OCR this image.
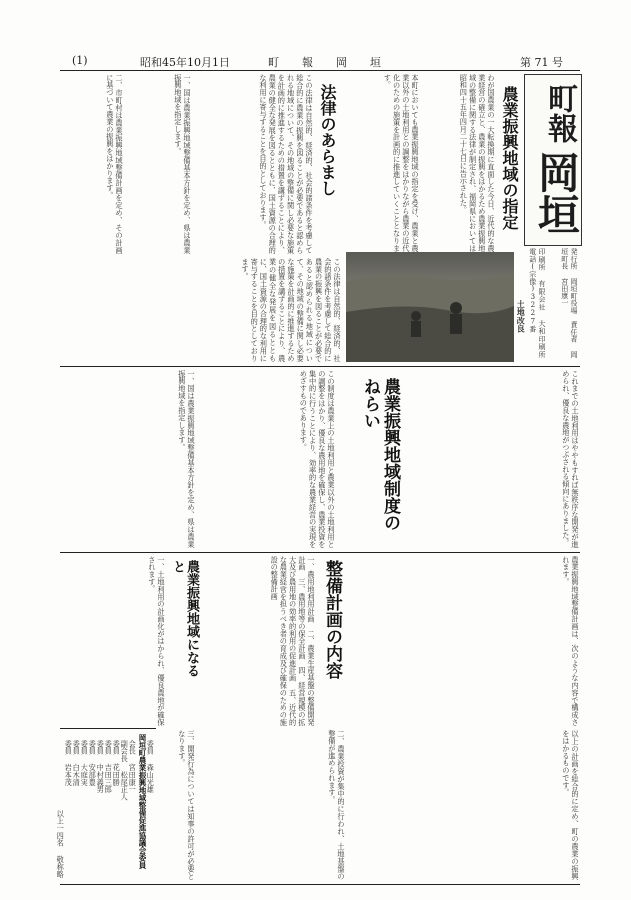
第 71 号
町　報　岡　垣
昭和45年10月1日
(1)
町報
岡垣
発行所 岡垣町役場　責任者 岡垣町長 宮田康一
印刷所 有限会社 大和印刷所　電話(宗像)3227番
農業振興地域の指定
わが国農業の一大転換期に直面した今日、近代的な農業経営の確立と、農業の振興をはかるため農業振興地域の整備に関する法律が制定され、福岡県においては昭和四十五年四月二十七日に告示された。
本町においても農業振興地域の指定を受け、農業と農業以外の土地利用との調整をはかりながら農業の近代化のための施策を計画的に推進していくこととなります。
土地改良
法律のあらまし
この法律は自然的、経済的、社会的諸条件を考慮して総合的に農業の振興を図ることが必要であると認められる地域について、その地域の整備に関し必要な施策を計画的に推進するための措置を講ずることにより、農業の健全な発展を図るとともに、国土資源の合理的な利用に寄与することを目的としております。
一、国は農業振興地域整備基本方針を定め、県は農業振興地域を指定します。
二、市町村は農業振興地域整備計画を定め、その計画に基づいて農業の振興をはかります。
この法律は自然的、経済的、社会的諸条件を考慮して総合的に農業の振興を図ることが必要であると認められる地域について、その地域の整備に関し必要な施策を計画的に推進するための措置を講ずることにより、農業の健全な発展を図るとともに、国土資源の合理的な利用に寄与することを目的としております。
農業振興地域制度のねらい	これまでの土地利用はややもすれば無秩序な開発が進められ、優良な農地がつぶされる傾向にありました。
この制度は農業上の土地利用と農業以外の土地利用との調整をはかり、優良な農用地を確保し、農業投資を集中的に行うことにより、効率的な農業経営の実現をめざすものであります。
一、国は農業振興地域整備基本方針を定め、県は農業振興地域を指定します。
整備計画の内容	農業振興地域整備計画は、次のような内容で構成されます。
一、農用地利用計画　二、農業生産基盤の整備開発計画　三、農用地等の保全計画　四、経営規模の拡大及び農用地の効率的利用の促進計画　五、近代的な農業経営を担うべき者の育成及び確保のための施設の整備計画
以上の計画を総合的に定め、町の農業の振興をはかるものです。
農業振興地域になると
一、土地利用の計画化がはかられ、優良農地が確保されます。
二、農業投資が集中的に行われ、土地基盤の整備が進められます。
三、開発行為については知事の許可が必要となります。
岡垣町農業振興地域整備促進協議会委員
会長 宮田康一
副会長 松尾正人
委員 花田勝
委員 吉田三郎
委員 中村義男
委員 安部豊
委員 大庭実
委員 白木清
委員 岩本茂	委員 森山光雄
以上一四名 敬称略
